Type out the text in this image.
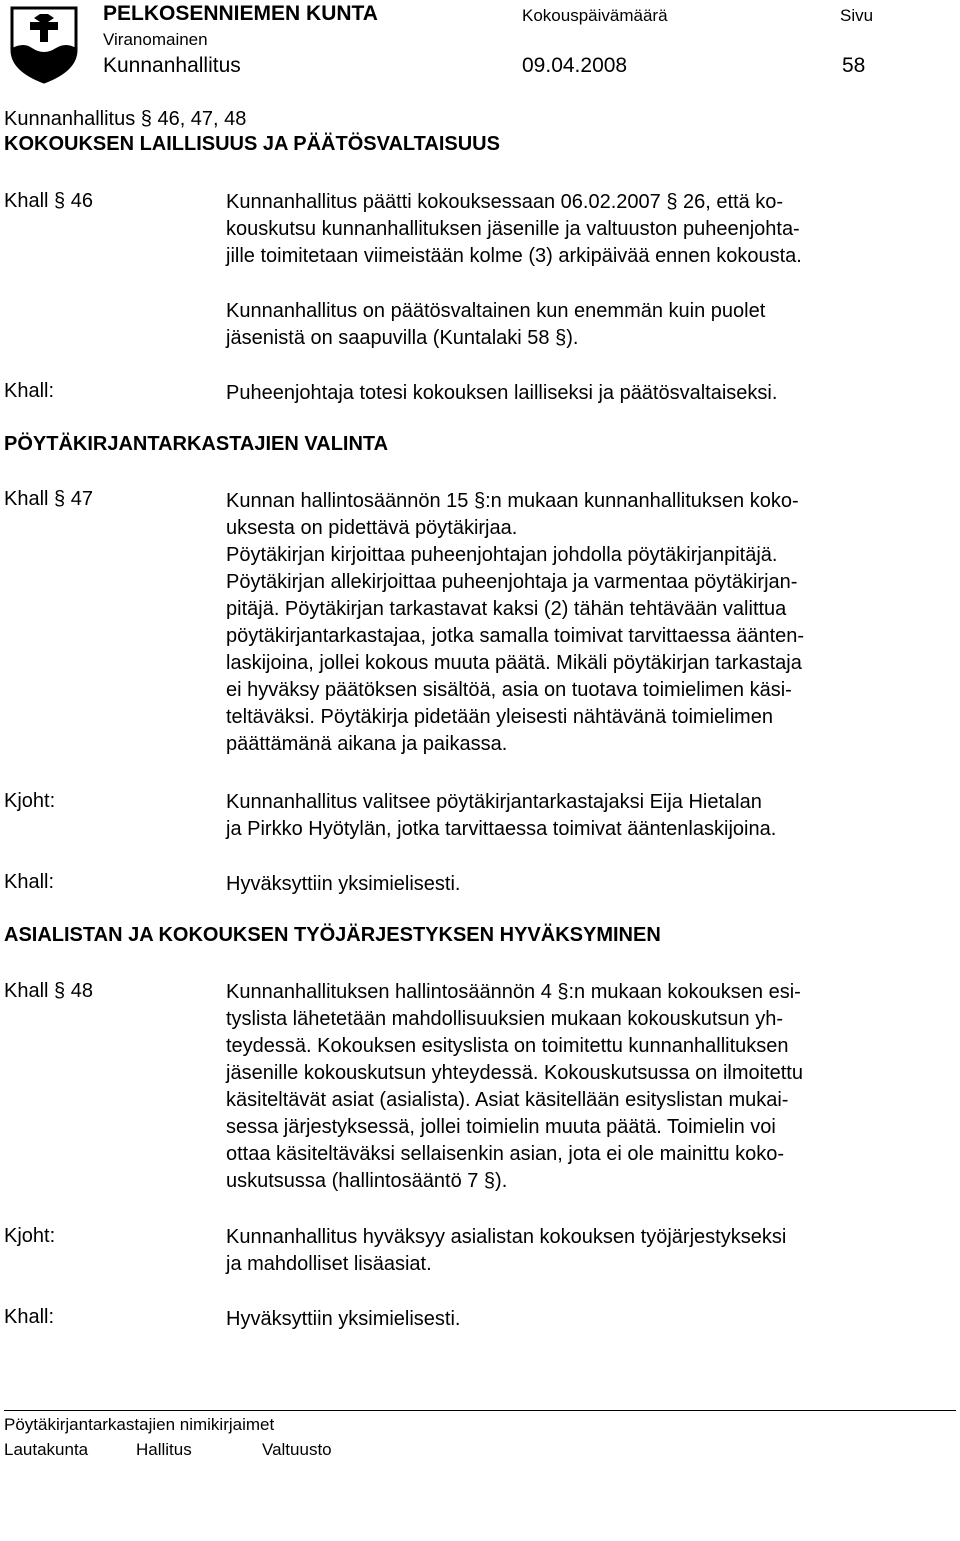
PELKOSENNIEMEN KUNTA	Kokouspäivämäärä	Sivu
Viranomainen
Kunnanhallitus	09.04.2008	58
Kunnanhallitus § 46, 47, 48
KOKOUKSEN LAILLISUUS JA PÄÄTÖSVALTAISUUS
Khall § 46	Kunnanhallitus päätti kokouksessaan 06.02.2007 § 26, että ko-

kouskutsu kunnanhallituksen jäsenille ja valtuuston puheenjohta-

jille toimitetaan viimeistään kolme (3) arkipäivää ennen kokousta.

Kunnanhallitus on päätösvaltainen kun enemmän kuin puolet

jäsenistä on saapuvilla (Kuntalaki 58 §).

Khall:	Puheenjohtaja totesi kokouksen lailliseksi ja päätösvaltaiseksi.
PÖYTÄKIRJANTARKASTAJIEN VALINTA
Khall § 47	Kunnan hallintosäännön 15 §:n mukaan kunnanhallituksen koko-

uksesta on pidettävä pöytäkirjaa.

Pöytäkirjan kirjoittaa puheenjohtajan johdolla pöytäkirjanpitäjä.

Pöytäkirjan allekirjoittaa puheenjohtaja ja varmentaa pöytäkirjan-

pitäjä. Pöytäkirjan tarkastavat kaksi (2) tähän tehtävään valittua

pöytäkirjantarkastajaa, jotka samalla toimivat tarvittaessa äänten-

laskijoina, jollei kokous muuta päätä. Mikäli pöytäkirjan tarkastaja

ei hyväksy päätöksen sisältöä, asia on tuotava toimielimen käsi-

teltäväksi. Pöytäkirja pidetään yleisesti nähtävänä toimielimen

päättämänä aikana ja paikassa.

Kjoht:	Kunnanhallitus valitsee pöytäkirjantarkastajaksi Eija Hietalan

ja Pirkko Hyötylän, jotka tarvittaessa toimivat ääntenlaskijoina.

Khall:	Hyväksyttiin yksimielisesti.
ASIALISTAN JA KOKOUKSEN TYÖJÄRJESTYKSEN HYVÄKSYMINEN
Khall § 48	Kunnanhallituksen hallintosäännön 4 §:n mukaan kokouksen esi-

tyslista lähetetään mahdollisuuksien mukaan kokouskutsun yh-

teydessä. Kokouksen esityslista on toimitettu kunnanhallituksen

jäsenille kokouskutsun yhteydessä. Kokouskutsussa on ilmoitettu

käsiteltävät asiat (asialista). Asiat käsitellään esityslistan mukai-

sessa järjestyksessä, jollei toimielin muuta päätä. Toimielin voi

ottaa käsiteltäväksi sellaisenkin asian, jota ei ole mainittu koko-

uskutsussa (hallintosääntö 7 §).

Kjoht:	Kunnanhallitus hyväksyy asialistan kokouksen työjärjestykseksi

ja mahdolliset lisäasiat.

Khall:	Hyväksyttiin yksimielisesti.
Pöytäkirjantarkastajien nimikirjaimet
Lautakunta	Hallitus	Valtuusto
